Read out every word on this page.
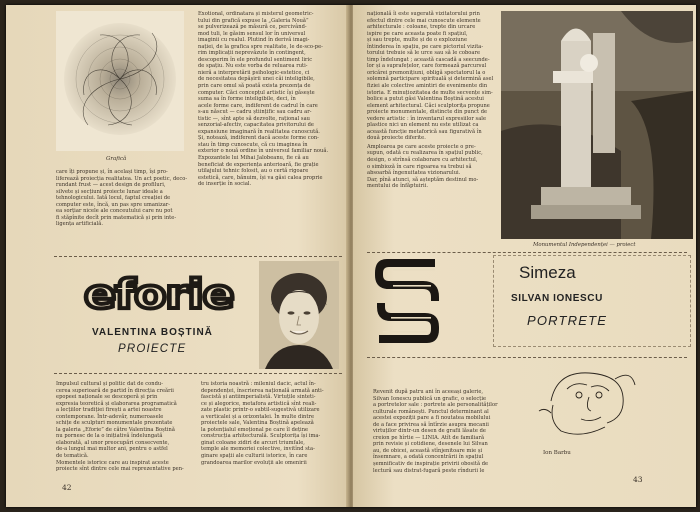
Grafică
Exotional, ordinatara și misterul geometric-
tului din grafică expuse la „Galeria Nouă”
se pulverizează pe măsură ce, percivând-
mod tuli, le găsim sensul lor în universul
imaginii cu realul. Plutind în derivă imagi-
nației, de la grafica spre realitate, le de-sco-pe-
rim implicații neprevăzute în contingent,
descoperim în ele profundul sentiment liric
de spațiu. Nu este vorba de reluarea ruti-
nieră a interpretării psihologic-estetice, ci
de necesitatea depășirii unei căi inteligibile,
prin care omul să poată exista prezența de
computer. Căci concepțul artistic își găsește
suma sa în forme inteligibile, deci, în
acele forme care, indiferent de cadrul în care
s-au născut — cadru științific sau cadru ar-
tistic —, sînt apte să dezvolte, rațional sau
senzorial-afectiv, capacitatea privitorului de
expansiune imaginară în realitatea cunoscută.
Și, notează, indiferent dacă aceste forme con-
stau în timp cunoscute, că cu imaginea în
exterior o nouă ordine în universul familiar nouă.
Expozantele lui Mihai Jalobeanu, fie că au
beneficiat de experiența anterioară, fie grație
utilajului tehnic folosit, au o certă rigoare
estetică, care, bănuim, își va găsi calea proprie
de inserție în social.
care îți propune și, în același timp, își pro-
liferează proiecția realitatea. Un act poetic, deco-
rundant frust — acest design de profiluri,
silvete și secțiuni proiecte lunar ideale a
tehnologicului. Iată locul, faptul creației de
computer este, încă, un pas spre umanizar-
ea sorțiar nicele ale conceutului care nu pot
fi stăpînite decît prin matematică și prin inte-
ligența artificială.
eforie
VALENTINA BOȘTINĂ
PROIECTE
Impulsul cultural și politic dat de condu-
cerea superioară de partid în direcția creării
epopeei naționale se descoperă și prin
expresia teoretică și elaborarea programatică
a lecțiilor tradiției firești a artei noastre
contemporane. Într-adevăr, numeroasele
schițe de sculpturi monumentale prezentate
la galeria „Eforie” de către Valentina Boștină
nu pornesc de la o inițiativă îndelungată
elaborată, al unor preocupări consecvente,
de-a lungul mai multor ani, pentru o astfel
de tematică.
Momentele istorice care au inspirat aceste
proiecte sînt dintre cele mai reprezentative pen-
tru istoria noastră : mileniul dacic, actul în-
dependenței, înscrierea națională armată anti-
fascistă și antiimperialistă. Virtuțile sinteti-
ce și alegorice, metafora artistică sînt reali-
zate plastic printr-o subtil-sugestivă utilizare
a verticalei și a orizontalei. În multe dintre
proiectele sale, Valentina Boștină apelează
la potențialul emoțional pe care îl deține
construcția arhitecturală. Sculptorița își ima-
ginat coloane zidiri de arcuri triumfale,
temple ale memoriei colective, invitînd sta-
ginare spații ale culturii istorice, în care
grandoarea marilor evoluții ale omenirii
42
națională îi este sugerată vizitatorului prin
efectul dintre cele mai cunoscute elemente
arhitecturale : coloane, trepte din urcare
ispire pe care aceasta poate fi spațiul,
și sau trepte, multe și de o exploziune
întinderea în spațiu, pe care pictoriul vizita-
torului trebuie să le urce sau să le coboare
timp îndelungat ; această cascadă a seecunde-
lor și a suprafețelor, care formează parcursul
oricărei premonițiuni, obligă spectatorul la o
solemnă participare spirituală și determină asel
fiziei ale colective amintiri de evenimente din
istoria. E minuțiozitatea de multe secvențe sim-
bolice a putut găsi Valentina Boștină acestui
element arhitectural. Căci sculptorița propune
proiecte monumentale, distincte din punct de
vedere artistic : în inventarul expresiilor sale
plastice nici un element nu este utilizat ca
această funcție metaforică sau figurativă în
două proiecte diferite.
Amploarea pe care aceste proiecte o pre-
supun, odată cu realizarea în spațiul public,
design, o strînsă colaborare cu arhitectul,
o simbioză în care rigoarea va trebui să
absoarbă îngenuitatea vizionarului.
Dar, pînă atunci, să așteptăm destinul mo-
mentului de înfăptuirii.
Monumentul Independenței — proiect
Simeza
SILVAN IONESCU
PORTRETE
Revenit după patru ani în aceeași galerie,
Silvan Ionescu publică un grafic, o selecție
a portretelor sale : portrete ale personalităților
culturale românești. Punctul determinant al
acestei expoziții pare a fi noutatea mobilului
de a face privirea să întîrzie asupra mecanii
virtuților dintr-un desen de grafii lăsate de
creion pe hîrtie — LINIA. Atît de familiară
prin revisie și cotidiene, desenele lui Silvan
au, de obicei, această stînjenitoare mie și
însemnare, a odată concentrării în spațiul
șemnificativ de inspirație privirii obosită de
lectură sau distrat-fugară peste rîndurii le
Ion Barbu
43
